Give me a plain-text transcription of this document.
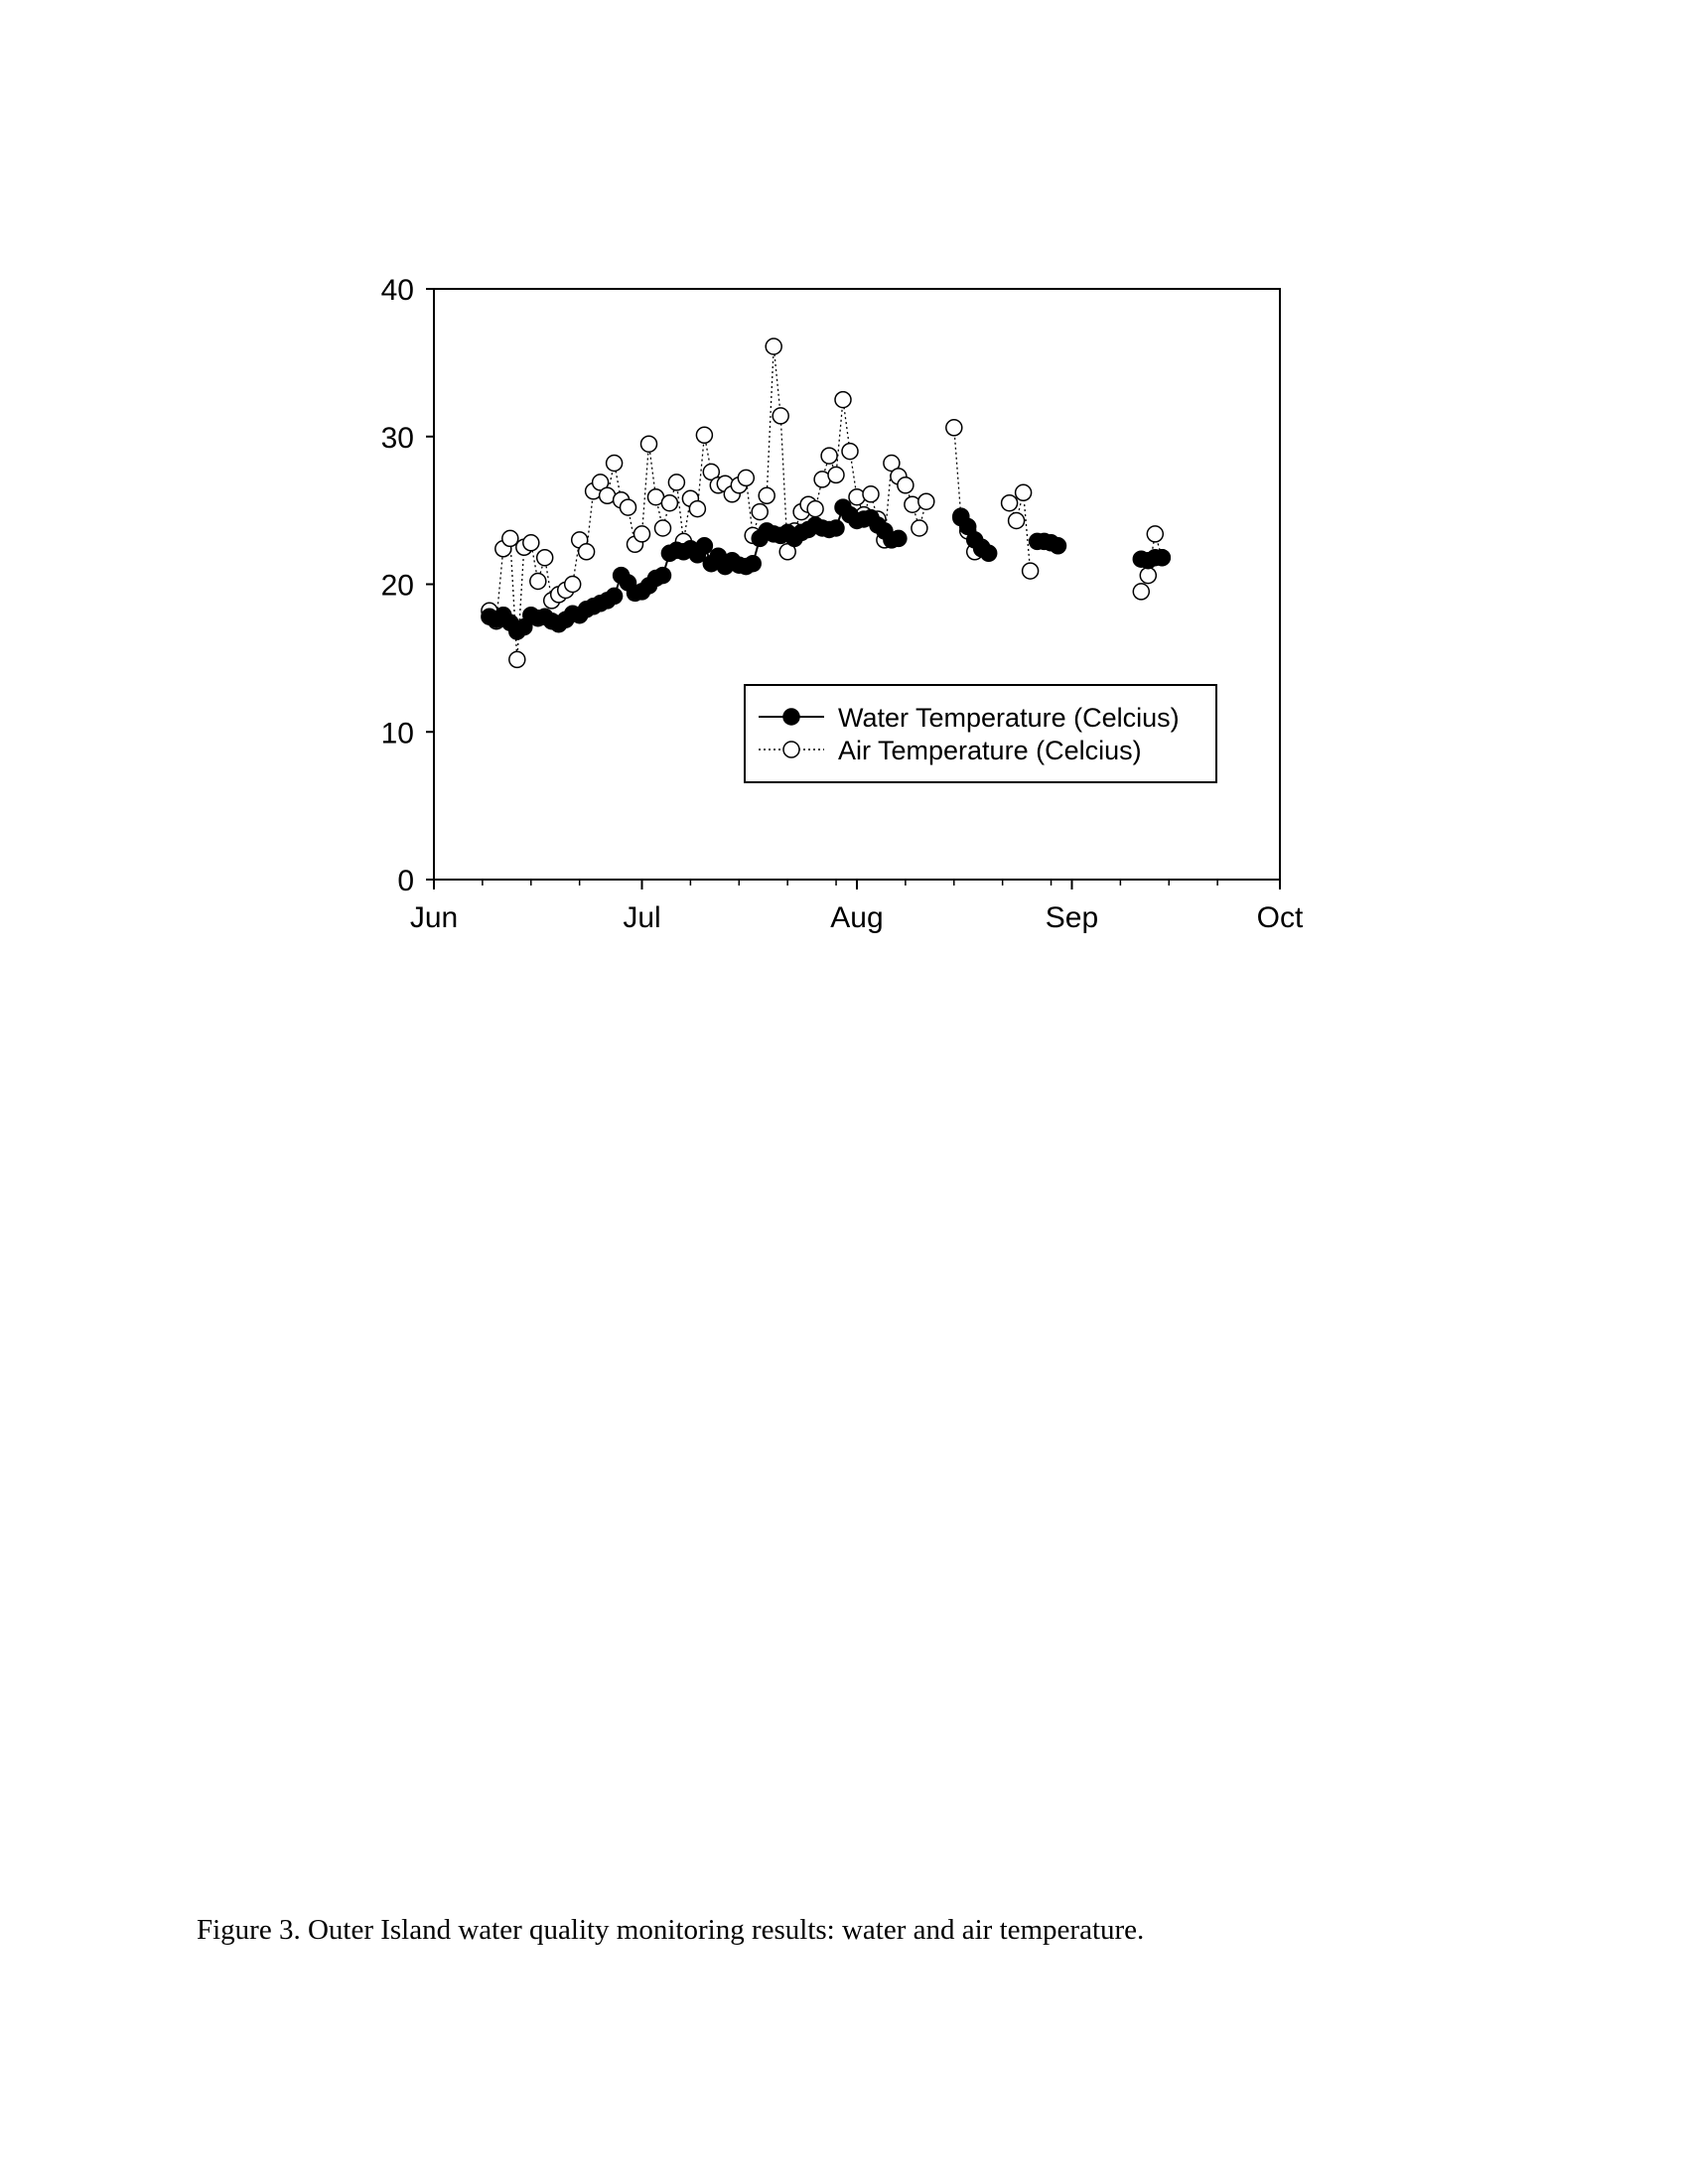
0
10
20
30
40
Jun	Jul	Aug	Sep	Oct
Water Temperature (Celcius)
Air Temperature (Celcius)
Figure 3. Outer Island water quality monitoring results: water and air temperature.
